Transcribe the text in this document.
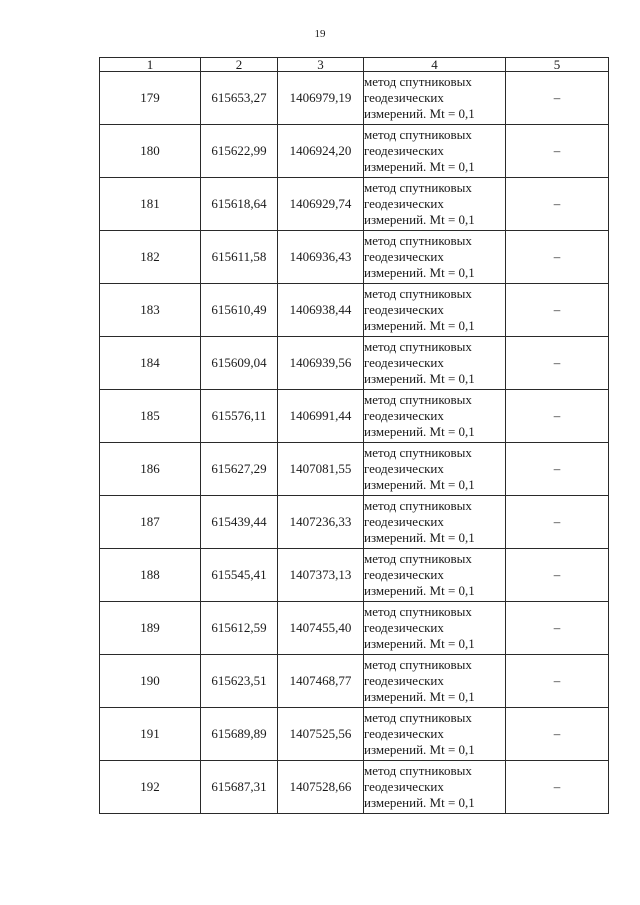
19
1	2	3	4	5
179	615653,27	1406979,19	метод спутниковых
геодезических
измерений. Mt = 0,1	–
180	615622,99	1406924,20	метод спутниковых
геодезических
измерений. Mt = 0,1	–
181	615618,64	1406929,74	метод спутниковых
геодезических
измерений. Mt = 0,1	–
182	615611,58	1406936,43	метод спутниковых
геодезических
измерений. Mt = 0,1	–
183	615610,49	1406938,44	метод спутниковых
геодезических
измерений. Mt = 0,1	–
184	615609,04	1406939,56	метод спутниковых
геодезических
измерений. Mt = 0,1	–
185	615576,11	1406991,44	метод спутниковых
геодезических
измерений. Mt = 0,1	–
186	615627,29	1407081,55	метод спутниковых
геодезических
измерений. Mt = 0,1	–
187	615439,44	1407236,33	метод спутниковых
геодезических
измерений. Mt = 0,1	–
188	615545,41	1407373,13	метод спутниковых
геодезических
измерений. Mt = 0,1	–
189	615612,59	1407455,40	метод спутниковых
геодезических
измерений. Mt = 0,1	–
190	615623,51	1407468,77	метод спутниковых
геодезических
измерений. Mt = 0,1	–
191	615689,89	1407525,56	метод спутниковых
геодезических
измерений. Mt = 0,1	–
192	615687,31	1407528,66	метод спутниковых
геодезических
измерений. Mt = 0,1	–
